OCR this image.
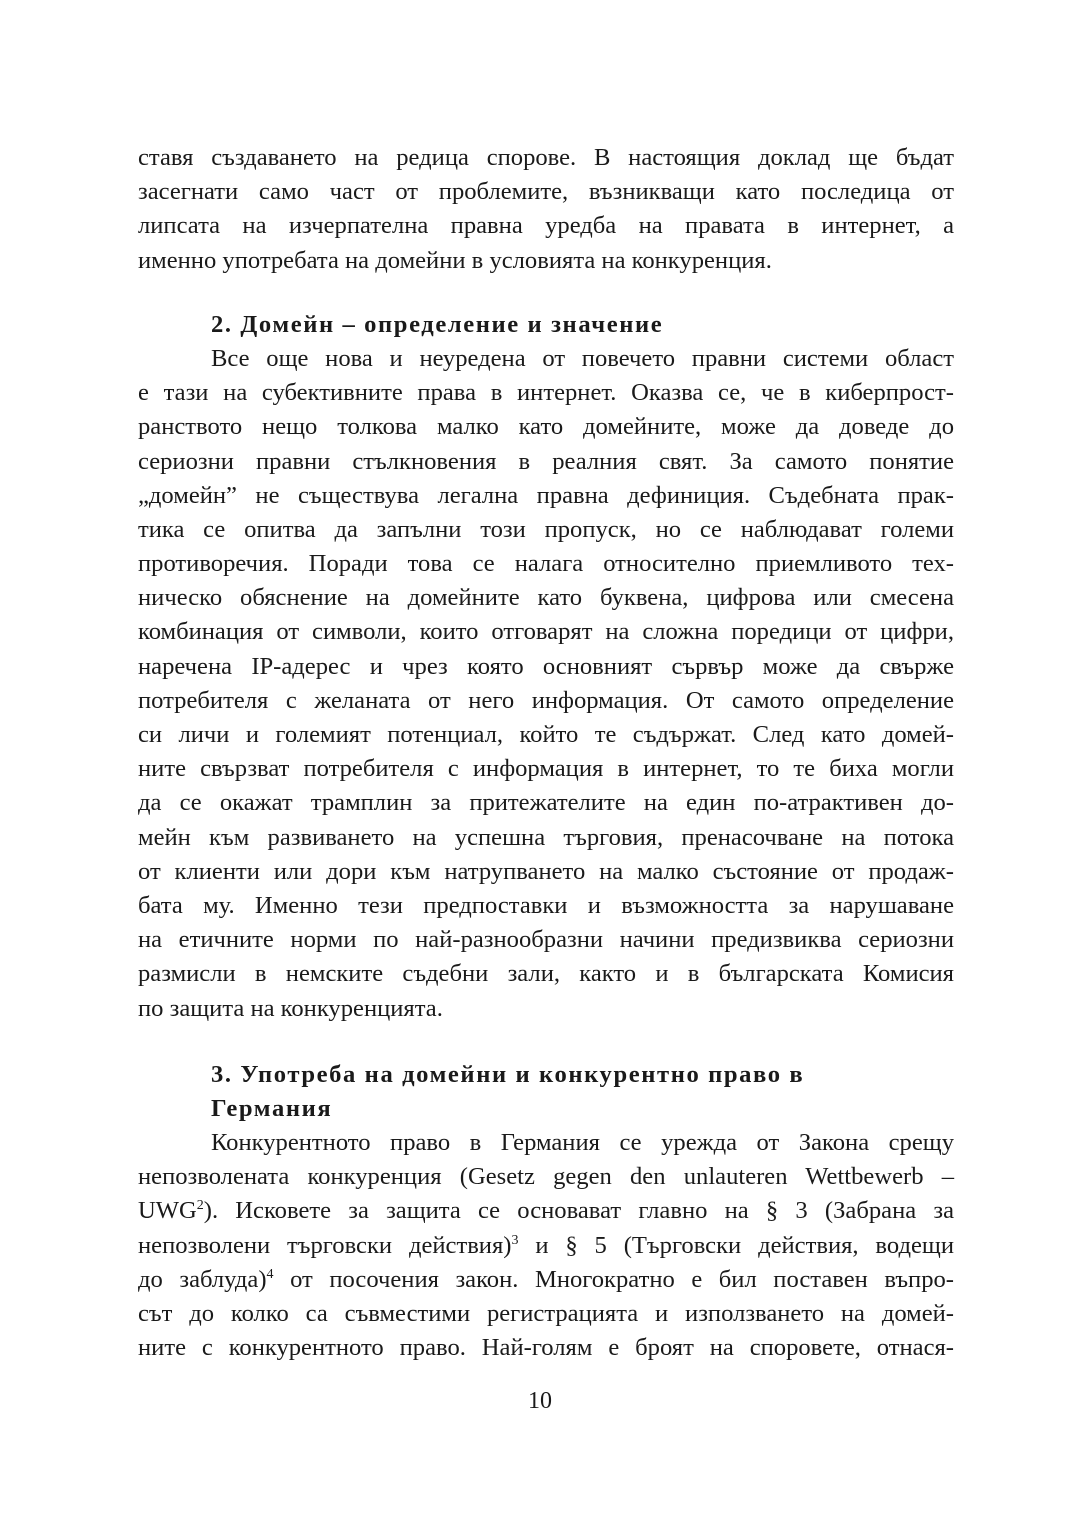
ставя създаването на редица спорове. В настоящия доклад ще бъдат
засегнати само част от проблемите, възникващи като последица от
липсата на изчерпателна правна уредба на правата в интернет, а
именно употребата на домейни в условията на конкуренция.
2. Домейн – определение и значение
Все още нова и неуредена от повечето правни системи област
е тази на субективните права в интернет. Оказва се, че в киберпрост-
ранството нещо толкова малко като домейните, може да доведе до
сериозни правни стълкновения в реалния свят. За самото понятие
„домейн” не съществува легална правна дефиниция. Съдебната прак-
тика се опитва да запълни този пропуск, но се наблюдават големи
противоречия. Поради това се налага относително приемливото тех-
ническо обяснение на домейните като буквена, цифрова или смесена
комбинация от символи, които отговарят на сложна поредици от цифри,
наречена IP-адерес и чрез която основният сървър може да свърже
потребителя с желаната от него информация. От самото определение
си личи и големият потенциал, който те съдържат. След като домей-
ните свързват потребителя с информация в интернет, то те биха могли
да се окажат трамплин за притежателите на един по-атрактивен до-
мейн към развиването на успешна търговия, пренасочване на потока
от клиенти или дори към натрупването на малко състояние от продаж-
бата му. Именно тези предпоставки и възможността за нарушаване
на етичните норми по най-разнообразни начини предизвиква сериозни
размисли в немските съдебни зали, както и в българската Комисия
по защита на конкуренцията.
3. Употреба на домейни и конкурентно право в
Германия
Конкурентното право в Германия се урежда от Закона срещу
непозволената конкуренция (Gesetz gegen den unlauteren Wettbewerb –
UWG$^2$). Исковете за защита се основават главно на § 3 (Забрана за
непозволени търговски действия)$^3$ и § 5 (Търговски действия, водещи
до заблуда)$^4$ от посочения закон. Многократно е бил поставен въпро-
сът до колко са съвместими регистрацията и използването на домей-
ните с конкурентното право. Най-голям е броят на споровете, отнася-
10
